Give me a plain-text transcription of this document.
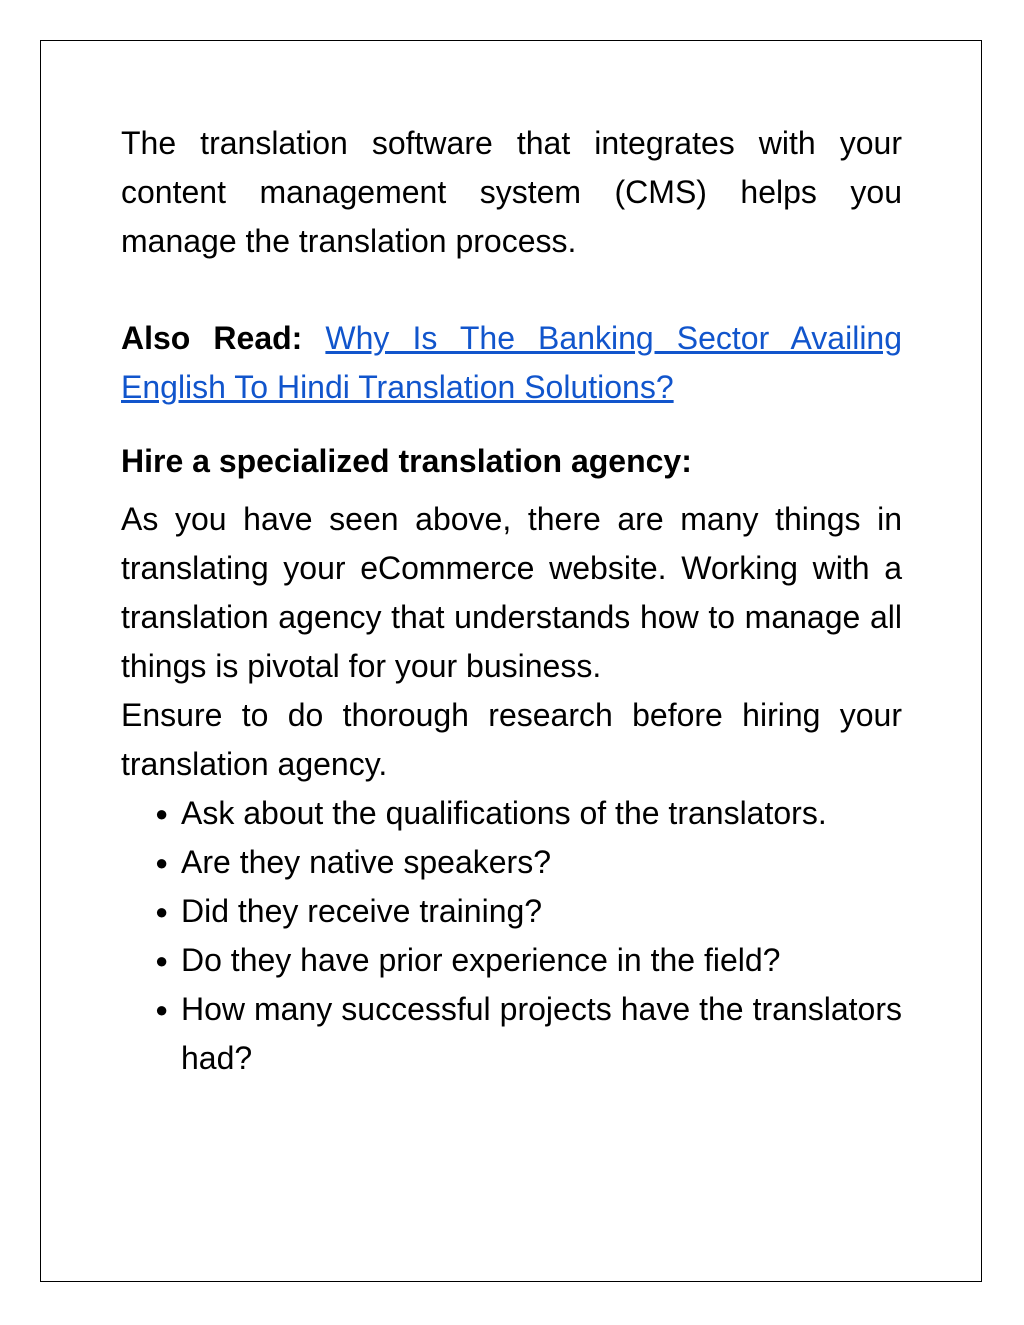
The translation software that integrates with your content management system (CMS) helps you manage the translation process.

Also Read: Why Is The Banking Sector Availing English To Hindi Translation Solutions?

Hire a specialized translation agency:

As you have seen above, there are many things in translating your eCommerce website. Working with a translation agency that understands how to manage all things is pivotal for your business.

Ensure to do thorough research before hiring your translation agency.

● Ask about the qualifications of the translators.
● Are they native speakers?
● Did they receive training?
● Do they have prior experience in the field?
● How many successful projects have the translators had?
